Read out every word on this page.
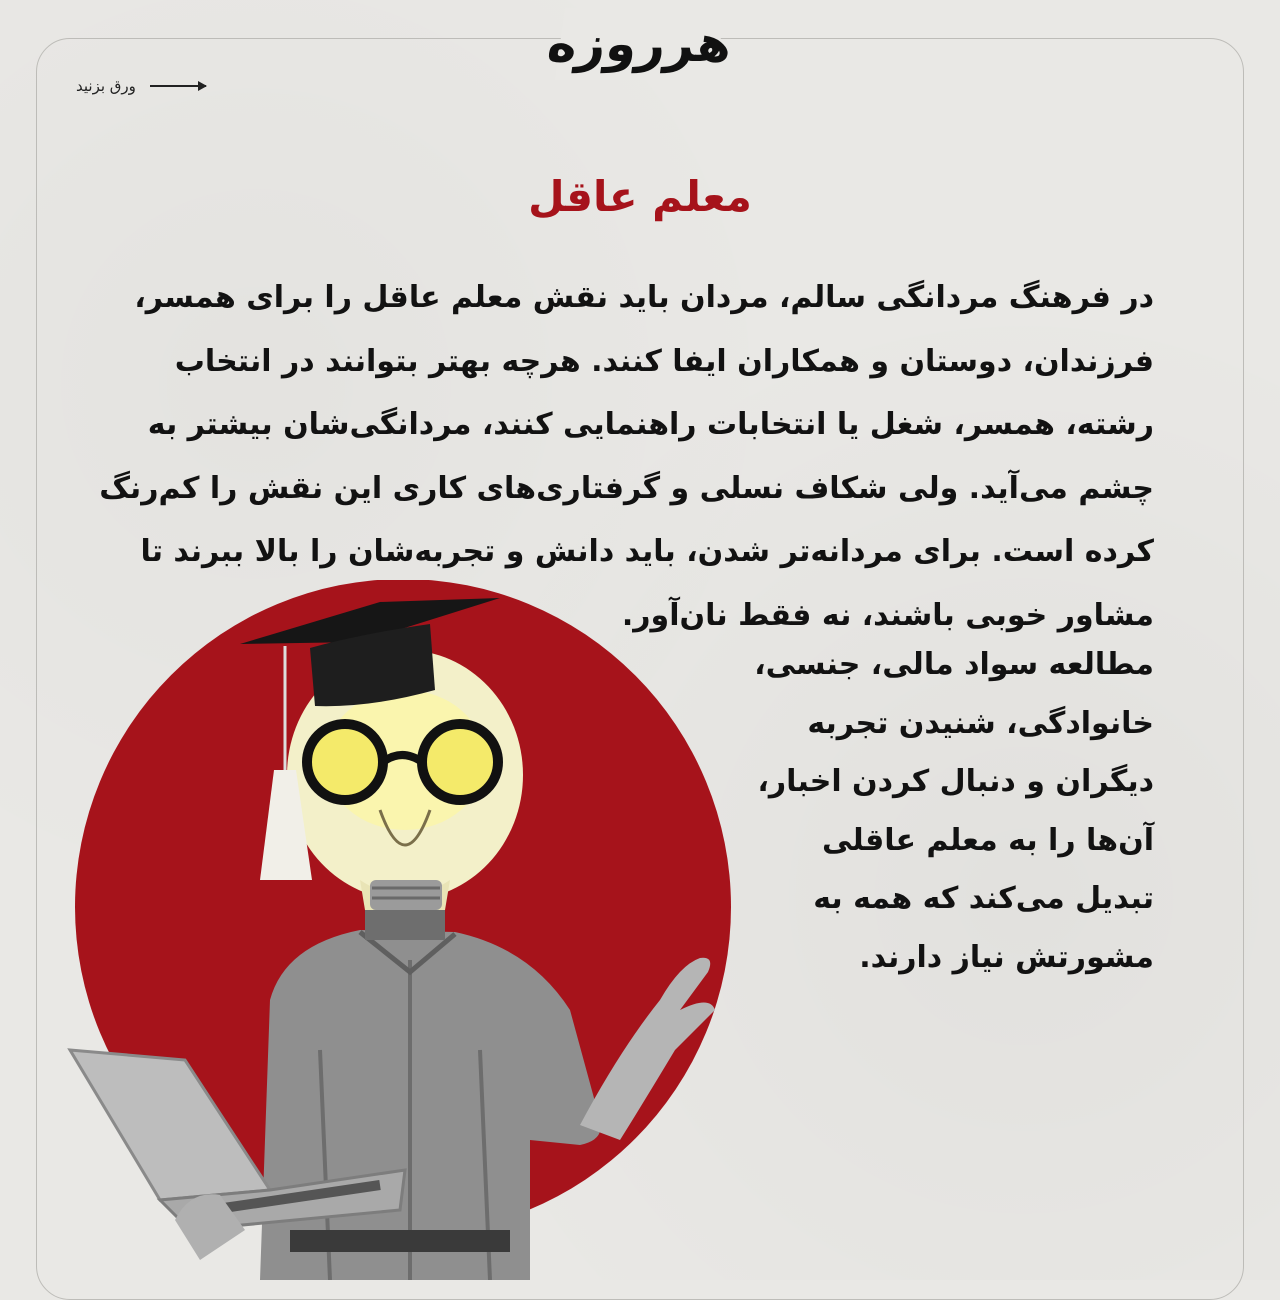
هرروزه
ورق بزنید
معلم عاقل
در فرهنگ مردانگی سالم، مردان باید نقش معلم عاقل را برای همسر،
فرزندان، دوستان و همکاران ایفا کنند. هرچه بهتر بتوانند در انتخاب
رشته، همسر، شغل یا انتخابات راهنمایی کنند، مردانگی‌شان بیشتر به
چشم می‌آید. ولی شکاف نسلی و گرفتاری‌های کاری این نقش را کم‌رنگ
کرده است. برای مردانه‌تر شدن، باید دانش و تجربه‌شان را بالا ببرند تا
مشاور خوبی باشند، نه فقط نان‌آور.
مطالعه سواد مالی، جنسی،
خانوادگی، شنیدن تجربه
دیگران و دنبال کردن اخبار،
آن‌ها را به معلم عاقلی
تبدیل می‌کند که همه به
مشورتش نیاز دارند.
